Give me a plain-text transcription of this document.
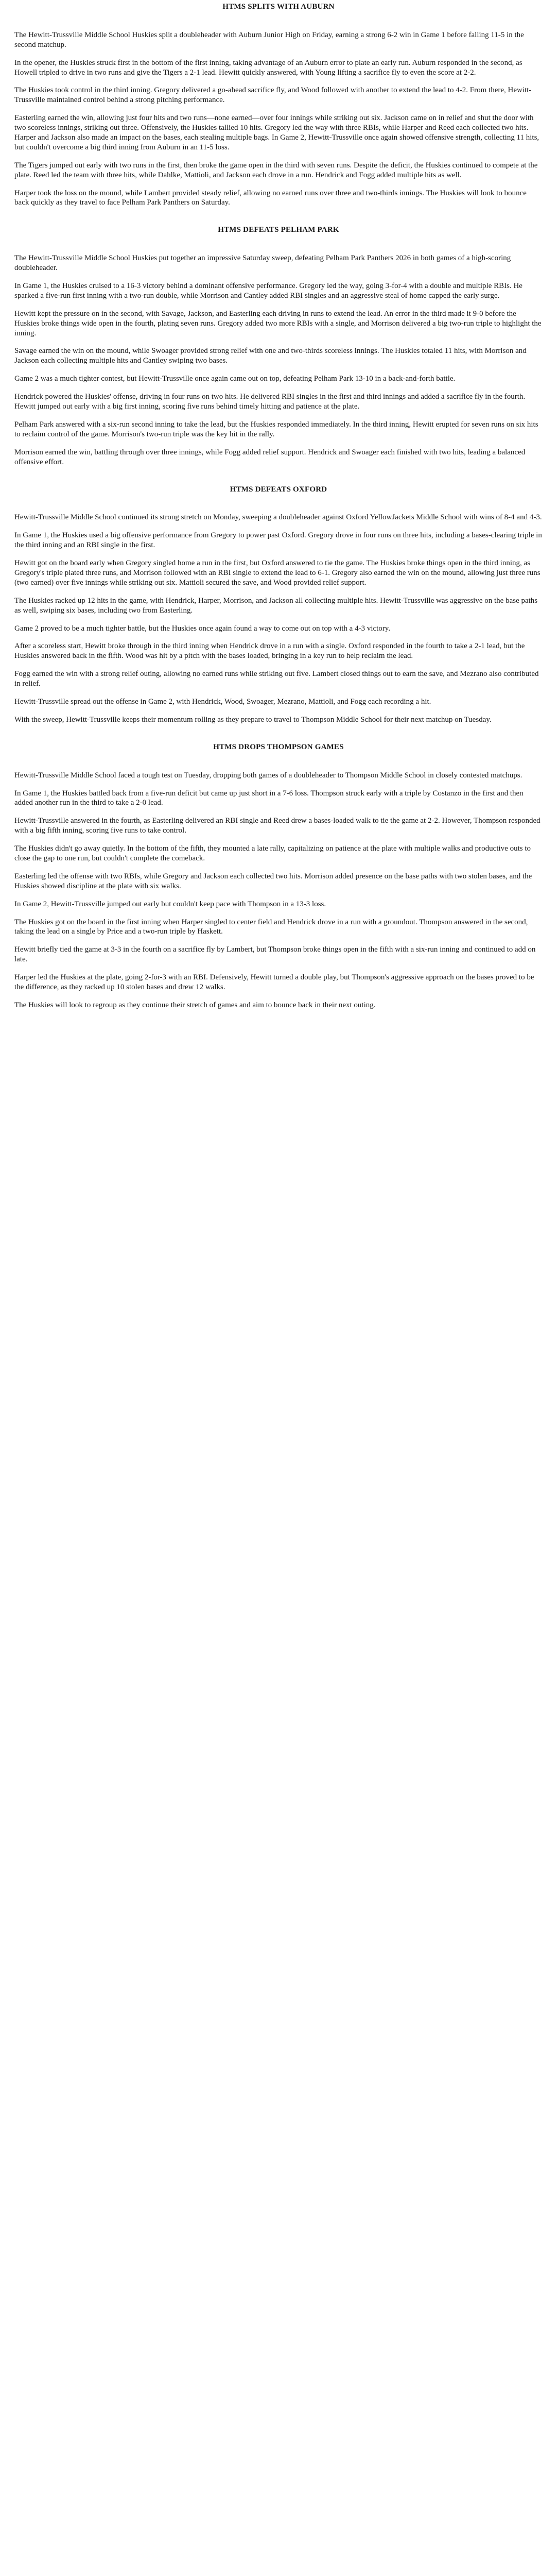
HTMS SPLITS WITH AUBURN

The Hewitt-Trussville Middle School Huskies split a doubleheader with Auburn Junior High on Friday, earning a strong 6-2 win in Game 1 before falling 11-5 in the second matchup.

In the opener, the Huskies struck first in the bottom of the first inning, taking advantage of an Auburn error to plate an early run. Auburn responded in the second, as Howell tripled to drive in two runs and give the Tigers a 2-1 lead. Hewitt quickly answered, with Young lifting a sacrifice fly to even the score at 2-2.

The Huskies took control in the third inning. Gregory delivered a go-ahead sacrifice fly, and Wood followed with another to extend the lead to 4-2. From there, Hewitt-Trussville maintained control behind a strong pitching performance.

Easterling earned the win, allowing just four hits and two runs—none earned—over four innings while striking out six. Jackson came on in relief and shut the door with two scoreless innings, striking out three. Offensively, the Huskies tallied 10 hits. Gregory led the way with three RBIs, while Harper and Reed each collected two hits. Harper and Jackson also made an impact on the bases, each stealing multiple bags. In Game 2, Hewitt-Trussville once again showed offensive strength, collecting 11 hits, but couldn't overcome a big third inning from Auburn in an 11-5 loss.

The Tigers jumped out early with two runs in the first, then broke the game open in the third with seven runs. Despite the deficit, the Huskies continued to compete at the plate. Reed led the team with three hits, while Dahlke, Mattioli, and Jackson each drove in a run. Hendrick and Fogg added multiple hits as well.

Harper took the loss on the mound, while Lambert provided steady relief, allowing no earned runs over three and two-thirds innings. The Huskies will look to bounce back quickly as they travel to face Pelham Park Panthers on Saturday.

HTMS DEFEATS PELHAM PARK

The Hewitt-Trussville Middle School Huskies put together an impressive Saturday sweep, defeating Pelham Park Panthers 2026 in both games of a high-scoring doubleheader.

In Game 1, the Huskies cruised to a 16-3 victory behind a dominant offensive performance. Gregory led the way, going 3-for-4 with a double and multiple RBIs. He sparked a five-run first inning with a two-run double, while Morrison and Cantley added RBI singles and an aggressive steal of home capped the early surge.

Hewitt kept the pressure on in the second, with Savage, Jackson, and Easterling each driving in runs to extend the lead. An error in the third made it 9-0 before the Huskies broke things wide open in the fourth, plating seven runs. Gregory added two more RBIs with a single, and Morrison delivered a big two-run triple to highlight the inning.

Savage earned the win on the mound, while Swoager provided strong relief with one and two-thirds scoreless innings. The Huskies totaled 11 hits, with Morrison and Jackson each collecting multiple hits and Cantley swiping two bases.

Game 2 was a much tighter contest, but Hewitt-Trussville once again came out on top, defeating Pelham Park 13-10 in a back-and-forth battle.

Hendrick powered the Huskies' offense, driving in four runs on two hits. He delivered RBI singles in the first and third innings and added a sacrifice fly in the fourth. Hewitt jumped out early with a big first inning, scoring five runs behind timely hitting and patience at the plate.

Pelham Park answered with a six-run second inning to take the lead, but the Huskies responded immediately. In the third inning, Hewitt erupted for seven runs on six hits to reclaim control of the game. Morrison's two-run triple was the key hit in the rally.

Morrison earned the win, battling through over three innings, while Fogg added relief support. Hendrick and Swoager each finished with two hits, leading a balanced offensive effort.

HTMS DEFEATS OXFORD

Hewitt-Trussville Middle School continued its strong stretch on Monday, sweeping a doubleheader against Oxford YellowJackets Middle School with wins of 8-4 and 4-3.

In Game 1, the Huskies used a big offensive performance from Gregory to power past Oxford. Gregory drove in four runs on three hits, including a bases-clearing triple in the third inning and an RBI single in the first.

Hewitt got on the board early when Gregory singled home a run in the first, but Oxford answered to tie the game. The Huskies broke things open in the third inning, as Gregory's triple plated three runs, and Morrison followed with an RBI single to extend the lead to 6-1. Gregory also earned the win on the mound, allowing just three runs (two earned) over five innings while striking out six. Mattioli secured the save, and Wood provided relief support.

The Huskies racked up 12 hits in the game, with Hendrick, Harper, Morrison, and Jackson all collecting multiple hits. Hewitt-Trussville was aggressive on the base paths as well, swiping six bases, including two from Easterling.

Game 2 proved to be a much tighter battle, but the Huskies once again found a way to come out on top with a 4-3 victory.

After a scoreless start, Hewitt broke through in the third inning when Hendrick drove in a run with a single. Oxford responded in the fourth to take a 2-1 lead, but the Huskies answered back in the fifth. Wood was hit by a pitch with the bases loaded, bringing in a key run to help reclaim the lead.

Fogg earned the win with a strong relief outing, allowing no earned runs while striking out five. Lambert closed things out to earn the save, and Mezrano also contributed in relief.

Hewitt-Trussville spread out the offense in Game 2, with Hendrick, Wood, Swoager, Mezrano, Mattioli, and Fogg each recording a hit.

With the sweep, Hewitt-Trussville keeps their momentum rolling as they prepare to travel to Thompson Middle School for their next matchup on Tuesday.

HTMS DROPS THOMPSON GAMES

Hewitt-Trussville Middle School faced a tough test on Tuesday, dropping both games of a doubleheader to Thompson Middle School in closely contested matchups.

In Game 1, the Huskies battled back from a five-run deficit but came up just short in a 7-6 loss. Thompson struck early with a triple by Costanzo in the first and then added another run in the third to take a 2-0 lead.

Hewitt-Trussville answered in the fourth, as Easterling delivered an RBI single and Reed drew a bases-loaded walk to tie the game at 2-2. However, Thompson responded with a big fifth inning, scoring five runs to take control.

The Huskies didn't go away quietly. In the bottom of the fifth, they mounted a late rally, capitalizing on patience at the plate with multiple walks and productive outs to close the gap to one run, but couldn't complete the comeback.

Easterling led the offense with two RBIs, while Gregory and Jackson each collected two hits. Morrison added presence on the base paths with two stolen bases, and the Huskies showed discipline at the plate with six walks.

In Game 2, Hewitt-Trussville jumped out early but couldn't keep pace with Thompson in a 13-3 loss.

The Huskies got on the board in the first inning when Harper singled to center field and Hendrick drove in a run with a groundout. Thompson answered in the second, taking the lead on a single by Price and a two-run triple by Haskett.

Hewitt briefly tied the game at 3-3 in the fourth on a sacrifice fly by Lambert, but Thompson broke things open in the fifth with a six-run inning and continued to add on late.

Harper led the Huskies at the plate, going 2-for-3 with an RBI. Defensively, Hewitt turned a double play, but Thompson's aggressive approach on the bases proved to be the difference, as they racked up 10 stolen bases and drew 12 walks.

The Huskies will look to regroup as they continue their stretch of games and aim to bounce back in their next outing.
